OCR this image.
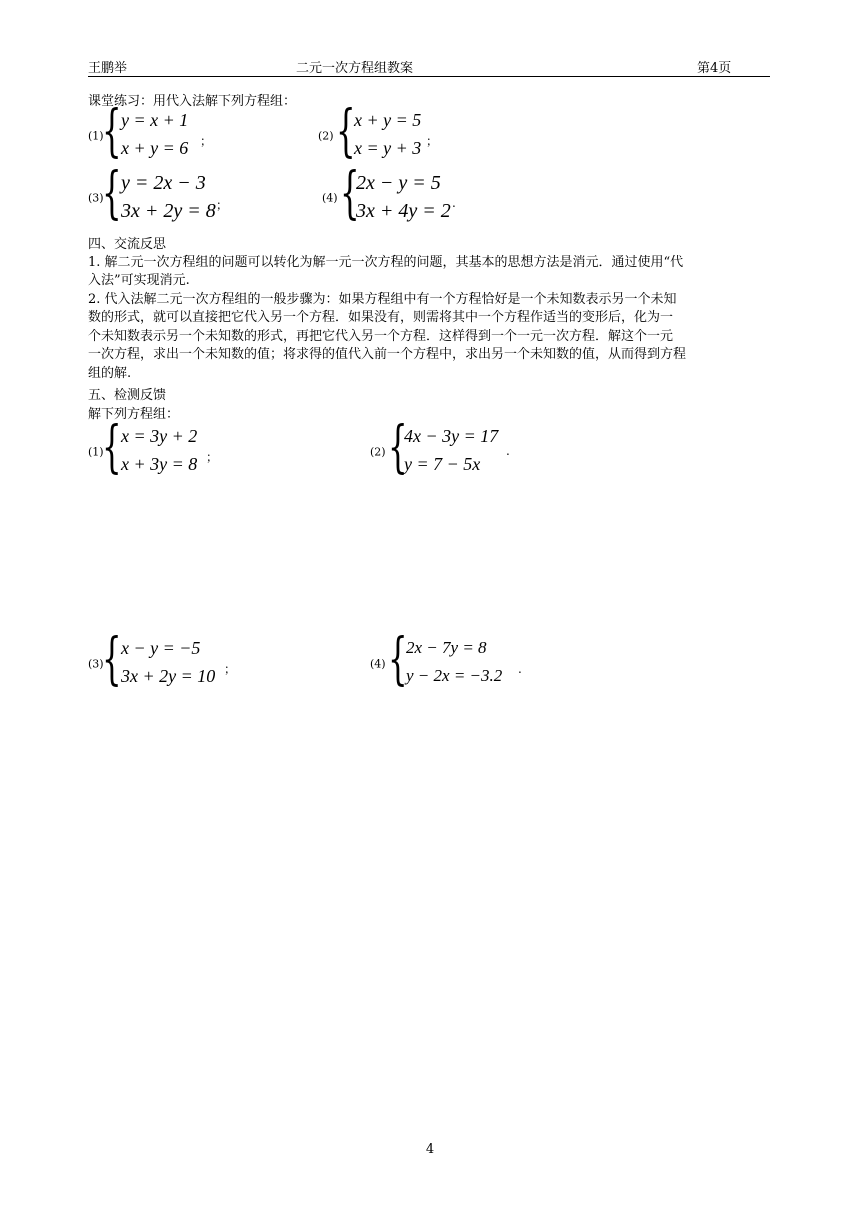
王鹏举	二元一次方程组教案	第4页
课堂练习：用代入法解下列方程组：
(1)
{ y = x + 1
x + y = 6 ；	(2) {
x + y = 5
x = y + 3 ；
(3)
{ y = 2x − 3
3x + 2y = 8 ；	(4) {
2x − y = 5
3x + 4y = 2 .
四、交流反思
1. 解二元一次方程组的问题可以转化为解一元一次方程的问题，其基本的思想方法是消元．通过使用“代
入法”可实现消元.
2. 代入法解二元一次方程组的一般步骤为：如果方程组中有一个方程恰好是一个未知数表示另一个未知
数的形式，就可以直接把它代入另一个方程．如果没有，则需将其中一个方程作适当的变形后，化为一
个未知数表示另一个未知数的形式，再把它代入另一个方程．这样得到一个一元一次方程．解这个一元
一次方程，求出一个未知数的值；将求得的值代入前一个方程中，求出另一个未知数的值，从而得到方程
组的解.
五、检测反馈
解下列方程组：
(1)
{ x = 3y + 2
x + 3y = 8 ；	(2) {
4x − 3y = 17
y = 7 − 5x
.
(3)
{ x − y = −5
3x + 2y = 10 ；	(4) {
2x − 7y = 8
y − 2x = −3.2 .
4
